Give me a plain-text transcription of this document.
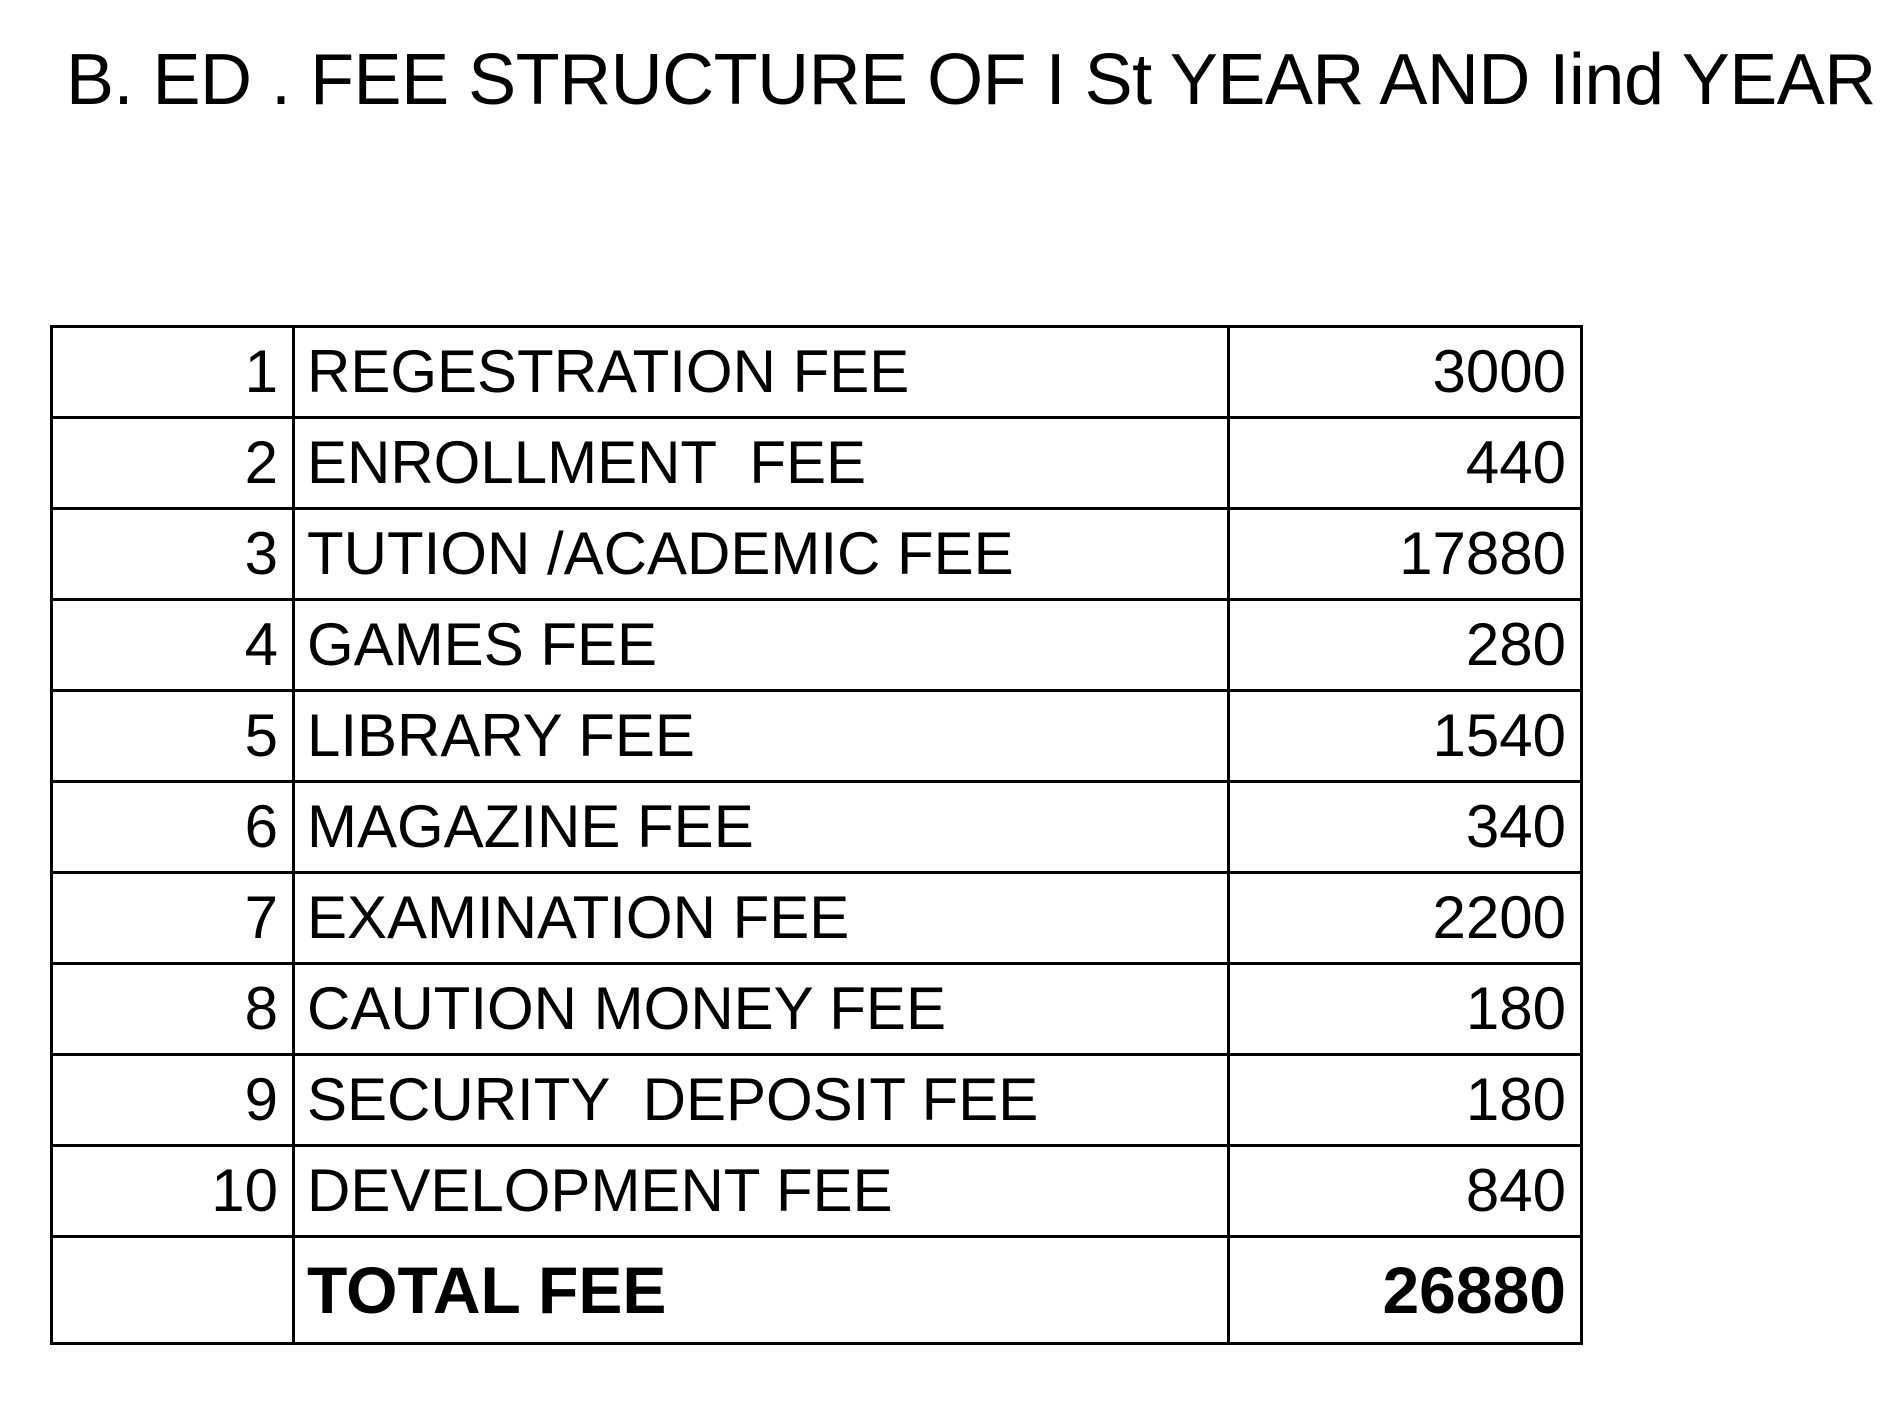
B. ED . FEE STRUCTURE OF I St YEAR AND Iind YEAR
1	REGESTRATION FEE	3000
2	ENROLLMENT  FEE	440
3	TUTION /ACADEMIC FEE	17880
4	GAMES FEE	280
5	LIBRARY FEE	1540
6	MAGAZINE FEE	340
7	EXAMINATION FEE	2200
8	CAUTION MONEY FEE	180
9	SECURITY  DEPOSIT FEE	180
10	DEVELOPMENT FEE	840
	TOTAL FEE	26880
